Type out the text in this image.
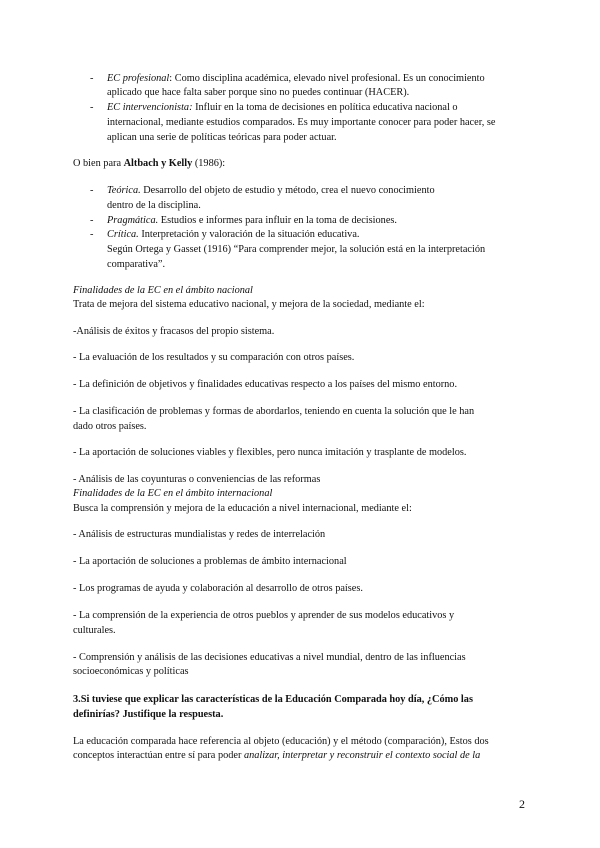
- EC profesional: Como disciplina académica, elevado nivel profesional. Es un conocimiento
aplicado que hace falta saber porque sino no puedes continuar (HACER).
- EC intervencionista: Influir en la toma de decisiones en política educativa nacional o
internacional, mediante estudios comparados. Es muy importante conocer para poder hacer, se
aplican una serie de políticas teóricas para poder actuar.
O bien para Altbach y Kelly (1986):
- Teórica. Desarrollo del objeto de estudio y método, crea el nuevo conocimiento
dentro de la disciplina.
- Pragmática. Estudios e informes para influir en la toma de decisiones.
- Crítica. Interpretación y valoración de la situación educativa.
Según Ortega y Gasset (1916) “Para comprender mejor, la solución está en la interpretación
comparativa”.
Finalidades de la EC en el ámbito nacional
Trata de mejora del sistema educativo nacional, y mejora de la sociedad, mediante el:
-Análisis de éxitos y fracasos del propio sistema.
- La evaluación de los resultados y su comparación con otros países.
- La definición de objetivos y finalidades educativas respecto a los países del mismo entorno.
- La clasificación de problemas y formas de abordarlos, teniendo en cuenta la solución que le han
dado otros países.
- La aportación de soluciones viables y flexibles, pero nunca imitación y trasplante de modelos.
- Análisis de las coyunturas o conveniencias de las reformas
Finalidades de la EC en el ámbito internacional
Busca la comprensión y mejora de la educación a nivel internacional, mediante el:
- Análisis de estructuras mundialistas y redes de interrelación
- La aportación de soluciones a problemas de ámbito internacional
- Los programas de ayuda y colaboración al desarrollo de otros países.
- La comprensión de la experiencia de otros pueblos y aprender de sus modelos educativos y
culturales.
- Comprensión y análisis de las decisiones educativas a nivel mundial, dentro de las influencias
socioeconómicas y políticas
3.Si tuviese que explicar las características de la Educación Comparada hoy día, ¿Cómo las
definirías? Justifique la respuesta.
La educación comparada hace referencia al objeto (educación) y el método (comparación), Estos dos
conceptos interactúan entre sí para poder analizar, interpretar y reconstruir el contexto social de la
2
